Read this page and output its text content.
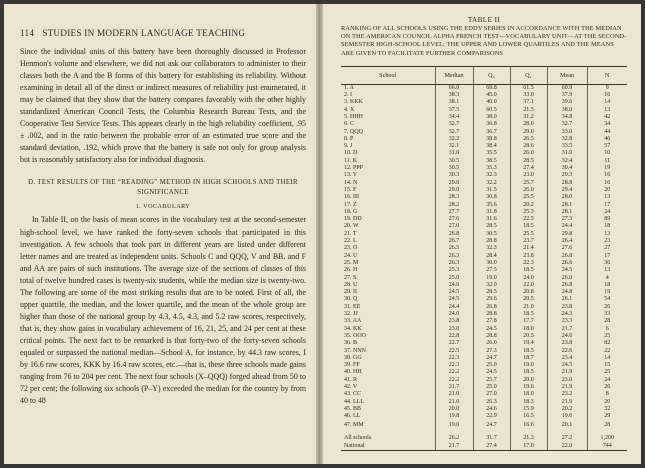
114 STUDIES IN MODERN LANGUAGE TEACHING

Since the individual units of this battery have been thoroughly discussed in Professor Henmon's volume and elsewhere, we did not ask our collaborators to administer to their classes both the A and the B forms of this battery for establishing its reliability. Without examining in detail all of the direct or indirect measures of reliability just enumerated, it may be claimed that they show that the battery compares favorably with the other highly standardized American Council Tests, the Columbia Research Bureau Tests, and the Cooperative Test Service Tests. This appears clearly in the high reliability coefficient, .95 ± .002, and in the ratio between the probable error of an estimated true score and the standard deviation, .192, which prove that the battery is safe not only for group analysis but is reasonably satisfactory also for individual diagnosis.

D. TEST RESULTS OF THE “READING” METHOD IN HIGH SCHOOLS AND THEIR SIGNIFICANCE
1. VOCABULARY

In Table II, on the basis of mean scores in the vocabulary test at the second-semester high-school level, we have ranked the forty-seven schools that participated in this investigation. A few schools that took part in different years are listed under different letter names and are treated as independent units. Schools C and QQQ, V and BB, and F and AA are pairs of such institutions. The average size of the sections of classes of this total of twelve hundred cases is twenty-six students, while the median size is twenty-two. The following are some of the most striking results that are to be noted. First of all, the upper quartile, the median, and the lower quartile, and the mean of the whole group are higher than those of the national group by 4.3, 4.5, 4.3, and 5.2 raw scores, respectively, that is, they show gains in vocabulary achievement of 16, 21, 25, and 24 per cent at these critical points. The next fact to be remarked is that forty-two of the forty-seven schools equaled or surpassed the national median—School A, for instance, by 44.3 raw scores, I by 16.6 raw scores, KKK by 16.4 raw scores, etc.—that is, these three schools made gains ranging from 76 to 204 per cent. The next four schools (X–QQQ) forged ahead from 50 to 72 per cent; the following six schools (P–Y) exceeded the median for the country by from 40 to 48

TABLE II
RANKING OF ALL SCHOOLS USING THE EDDY SERIES IN ACCORDANCE WITH THE MEDIAN ON THE AMERICAN COUNCIL ALPHA FRENCH TEST—VOCABULARY UNIT—AT THE SECOND-SEMESTER HIGH-SCHOOL LEVEL; THE UPPER AND LOWER QUARTILES AND THE MEANS ARE GIVEN TO FACILITATE FURTHER COMPARISONS
School	Median	Q₃	Q₁	Mean	N
1. A	66.0	69.8	61.5	60.9	9
2. I	38.3	45.0	33.0	37.9	16
3. KKK	38.1	40.0	37.1	39.6	14
4. X	37.5	60.5	21.5	38.0	13
5. HHH	34.4	38.0	31.2	34.8	42
6. C	32.7	36.8	28.0	32.7	34
7. QQQ	32.7	36.7	29.0	33.0	44
8. P	32.2	38.8	26.5	32.8	46
9. J	32.1	38.4	28.6	33.5	57
10. D	31.0	35.5	26.0	31.0	10
11. K	30.5	38.5	28.5	32.4	11
12. PPP	30.5	35.3	27.4	30.4	19
13. Y	30.3	32.3	23.0	29.3	16
14. N	29.0	32.2	25.7	28.8	16
15. F	29.0	31.5	26.0	29.4	20
16. III	28.3	30.8	25.5	28.0	13
17. Z	28.2	35.6	20.2	28.1	17
18. G	27.7	31.8	25.3	28.1	24
19. DD	27.6	31.6	22.5	27.3	89
20. W	27.0	28.5	18.5	24.4	18
21. T	26.8	30.5	25.5	29.8	13
22. L	26.7	28.8	23.7	26.4	23
23. O	26.5	32.3	21.4	27.6	27
24. U	26.3	28.4	23.8	26.8	17
25. M	26.3	30.0	22.3	26.6	36
26. H	25.3	27.5	18.5	24.5	13
27. S	25.0	19.0	24.0	26.0	4
28. U	24.6	32.0	22.0	26.8	18
29. II	24.5	28.5	20.8	24.8	19
30. Q	24.5	29.6	20.5	26.1	54
31. EE	24.4	26.8	21.0	23.8	26
32. JJ	24.0	28.8	18.5	24.3	33
33. AA	23.8	27.8	17.7	23.3	28
34. KK	23.0	24.5	18.0	21.7	6
35. OOO	22.8	28.8	20.5	24.6	25
36. B	22.7	26.0	19.4	23.8	82
37. NNN	22.5	27.3	18.5	22.6	22
38. GG	22.3	24.7	18.7	23.4	14
39. FF	22.3	25.0	19.0	24.5	15
40. HH	22.2	24.5	18.5	21.9	25
41. R	22.2	25.7	20.0	23.0	24
42. V	21.7	25.0	19.6	21.9	26
43. CC	21.0	27.0	18.0	23.2	8
44. LLL	21.0	26.3	18.3	21.9	20
45. BB	20.0	24.6	15.9	20.2	32
46. LL	19.8	22.9	16.5	19.6	29
47. MM	19.0	24.7	16.6	20.1	28
All schools	26.2	31.7	21.3	27.2	1,200
National	21.7	27.4	17.0	22.0	744
